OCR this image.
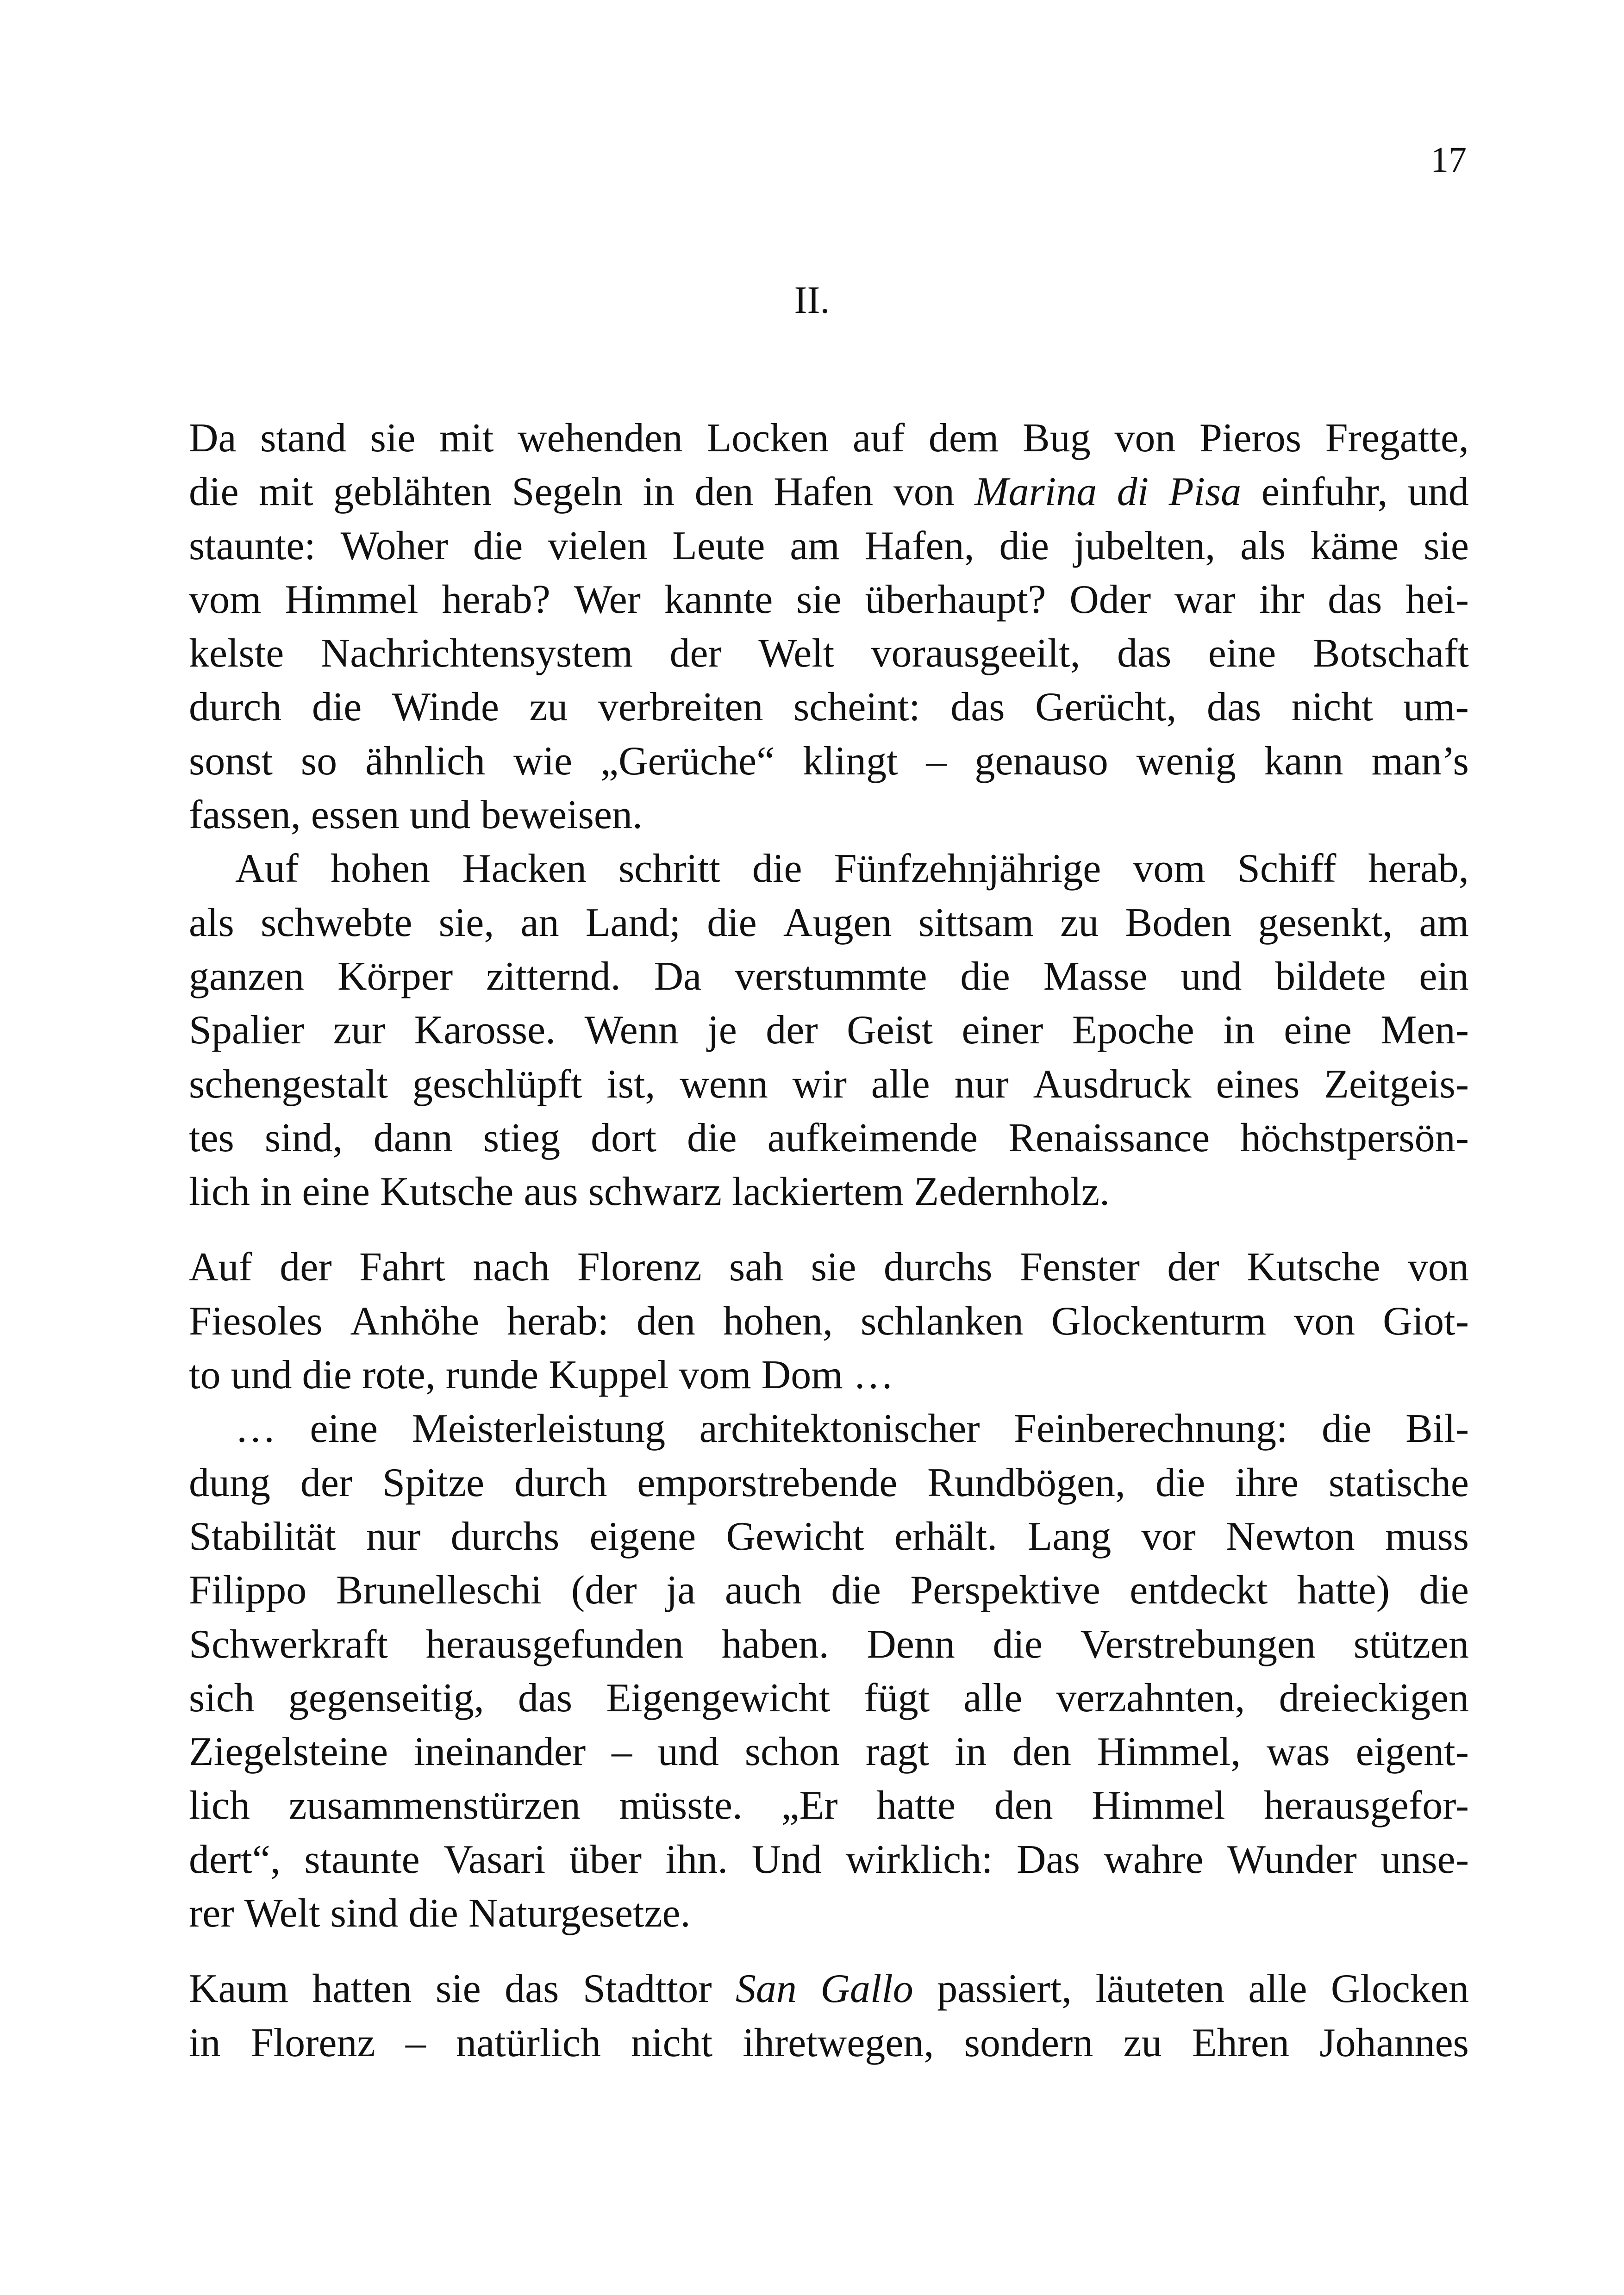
17
II.
Da stand sie mit wehenden Locken auf dem Bug von Pieros Fregatte,
die mit geblähten Segeln in den Hafen von Marina di Pisa einfuhr, und
staunte: Woher die vielen Leute am Hafen, die jubelten, als käme sie
vom Himmel herab? Wer kannte sie überhaupt? Oder war ihr das hei-
kelste Nachrichtensystem der Welt vorausgeeilt, das eine Botschaft
durch die Winde zu verbreiten scheint: das Gerücht, das nicht um-
sonst so ähnlich wie „Gerüche“ klingt – genauso wenig kann man’s
fassen, essen und beweisen.
Auf hohen Hacken schritt die Fünfzehnjährige vom Schiff herab,
als schwebte sie, an Land; die Augen sittsam zu Boden gesenkt, am
ganzen Körper zitternd. Da verstummte die Masse und bildete ein
Spalier zur Karosse. Wenn je der Geist einer Epoche in eine Men-
schengestalt geschlüpft ist, wenn wir alle nur Ausdruck eines Zeitgeis-
tes sind, dann stieg dort die aufkeimende Renaissance höchstpersön-
lich in eine Kutsche aus schwarz lackiertem Zedernholz.
Auf der Fahrt nach Florenz sah sie durchs Fenster der Kutsche von
Fiesoles Anhöhe herab: den hohen, schlanken Glockenturm von Giot-
to und die rote, runde Kuppel vom Dom …
… eine Meisterleistung architektonischer Feinberechnung: die Bil-
dung der Spitze durch emporstrebende Rundbögen, die ihre statische
Stabilität nur durchs eigene Gewicht erhält. Lang vor Newton muss
Filippo Brunelleschi (der ja auch die Perspektive entdeckt hatte) die
Schwerkraft herausgefunden haben. Denn die Verstrebungen stützen
sich gegenseitig, das Eigengewicht fügt alle verzahnten, dreieckigen
Ziegelsteine ineinander – und schon ragt in den Himmel, was eigent-
lich zusammenstürzen müsste. „Er hatte den Himmel herausgefor-
dert“, staunte Vasari über ihn. Und wirklich: Das wahre Wunder unse-
rer Welt sind die Naturgesetze.
Kaum hatten sie das Stadttor San Gallo passiert, läuteten alle Glocken
in Florenz – natürlich nicht ihretwegen, sondern zu Ehren Johannes
